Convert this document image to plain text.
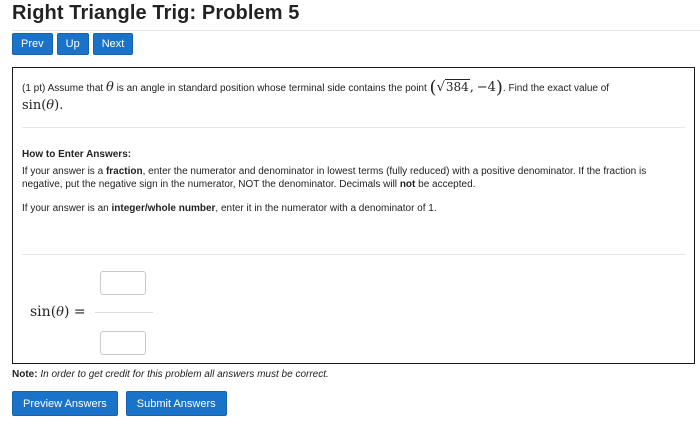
Right Triangle Trig: Problem 5
Prev	Up	Next
(1 pt) Assume that θ is an angle in standard position whose terminal side contains the point (√384, −4). Find the exact value of
sin(θ).
How to Enter Answers:

If your answer is a fraction, enter the numerator and denominator in lowest terms (fully reduced) with a positive denominator. If the fraction is negative, put the negative sign in the numerator, NOT the denominator. Decimals will not be accepted.

If your answer is an integer/whole number, enter it in the numerator with a denominator of 1.

sin(θ) =
Note: In order to get credit for this problem all answers must be correct.
Preview Answers	Submit Answers
